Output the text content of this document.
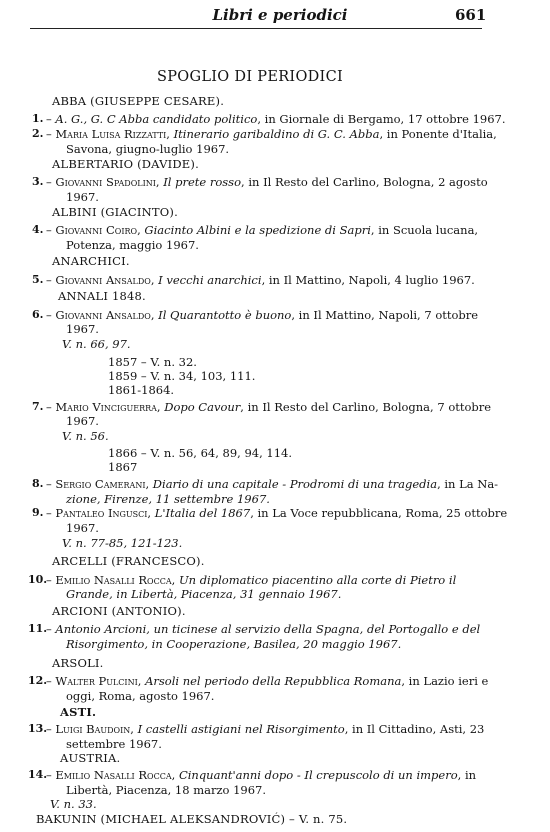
Libri e periodici	661
SPOGLIO DI PERIODICI
ABBA (GIUSEPPE CESARE).
1. – A. G., G. C Abba candidato politico, in Giornale di Bergamo, 17 ottobre 1967.
2. – Maria Luisa Rizzatti, Itinerario garibaldino di G. C. Abba, in Ponente d'Italia,
Savona, giugno-luglio 1967.
ALBERTARIO (DAVIDE).
3. – Giovanni Spadolini, Il prete rosso, in Il Resto del Carlino, Bologna, 2 agosto
1967.
ALBINI (GIACINTO).
4. – Giovanni Coiro, Giacinto Albini e la spedizione di Sapri, in Scuola lucana,
Potenza, maggio 1967.
ANARCHICI.
5. – Giovanni Ansaldo, I vecchi anarchici, in Il Mattino, Napoli, 4 luglio 1967.
ANNALI 1848.
6. – Giovanni Ansaldo, Il Quarantotto è buono, in Il Mattino, Napoli, 7 ottobre
1967.
V. n. 66, 97.
1857 – V. n. 32.
1859 – V. n. 34, 103, 111.
1861-1864.
7. – Mario Vinciguerra, Dopo Cavour, in Il Resto del Carlino, Bologna, 7 ottobre
1967.
V. n. 56.
1866 – V. n. 56, 64, 89, 94, 114.
1867
8. – Sergio Camerani, Diario di una capitale - Prodromi di una tragedia, in La Na-
zione, Firenze, 11 settembre 1967.
9. – Pantaleo Ingusci, L'Italia del 1867, in La Voce repubblicana, Roma, 25 ottobre
1967.
V. n. 77-85, 121-123.
ARCELLI (FRANCESCO).
10.
– Emilio Nasalli Rocca, Un diplomatico piacentino alla corte di Pietro il
Grande, in Libertà, Piacenza, 31 gennaio 1967.
ARCIONI (ANTONIO).
11.
– Antonio Arcioni, un ticinese al servizio della Spagna, del Portogallo e del
Risorgimento, in Cooperazione, Basilea, 20 maggio 1967.
ARSOLI.
12.
– Walter Pulcini, Arsoli nel periodo della Repubblica Romana, in Lazio ieri e
oggi, Roma, agosto 1967.
ASTI.
13.
– Luigi Baudoin, I castelli astigiani nel Risorgimento, in Il Cittadino, Asti, 23
settembre 1967.
AUSTRIA.
14.
– Emilio Nasalli Rocca, Cinquant'anni dopo - Il crepuscolo di un impero, in
Libertà, Piacenza, 18 marzo 1967.
V. n. 33.
BAKUNIN (MICHAEL ALEKSANDROVIĆ) – V. n. 75.
